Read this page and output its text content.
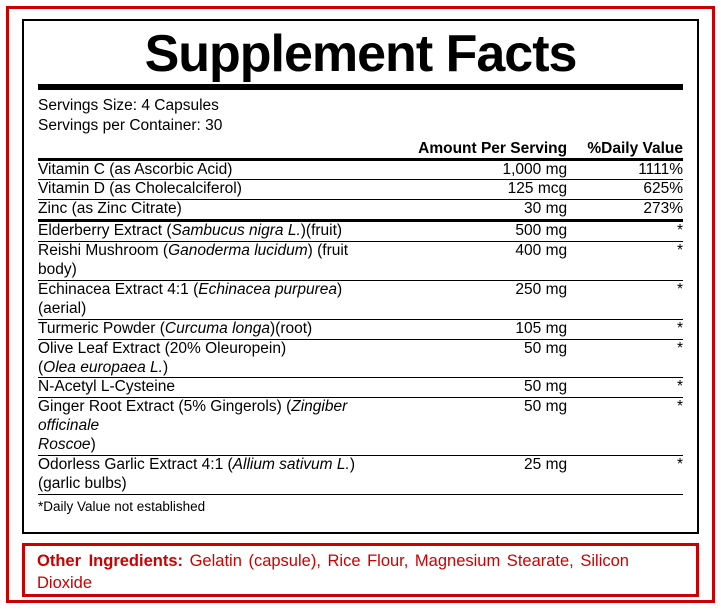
Supplement Facts
Servings Size: 4 Capsules
Servings per Container: 30
	Amount Per Serving	%Daily Value
Vitamin C (as Ascorbic Acid)	1,000 mg	1111%
Vitamin D (as Cholecalciferol)	125 mcg	625%
Zinc (as Zinc Citrate)	30 mg	273%
Elderberry Extract (Sambucus nigra L.)(fruit)	500 mg	*
Reishi Mushroom (Ganoderma lucidum) (fruit body)	400 mg	*
Echinacea Extract 4:1 (Echinacea purpurea) (aerial)	250 mg	*
Turmeric Powder (Curcuma longa)(root)	105 mg	*
Olive Leaf Extract (20% Oleuropein)
(Olea europaea L.)	50 mg	*
N-Acetyl L-Cysteine	50 mg	*
Ginger Root Extract (5% Gingerols) (Zingiber officinale
Roscoe)	50 mg	*
Odorless Garlic Extract 4:1 (Allium sativum L.)
(garlic bulbs)	25 mg	*
*Daily Value not established
Other Ingredients: Gelatin (capsule), Rice Flour, Magnesium Stearate, Silicon Dioxide
